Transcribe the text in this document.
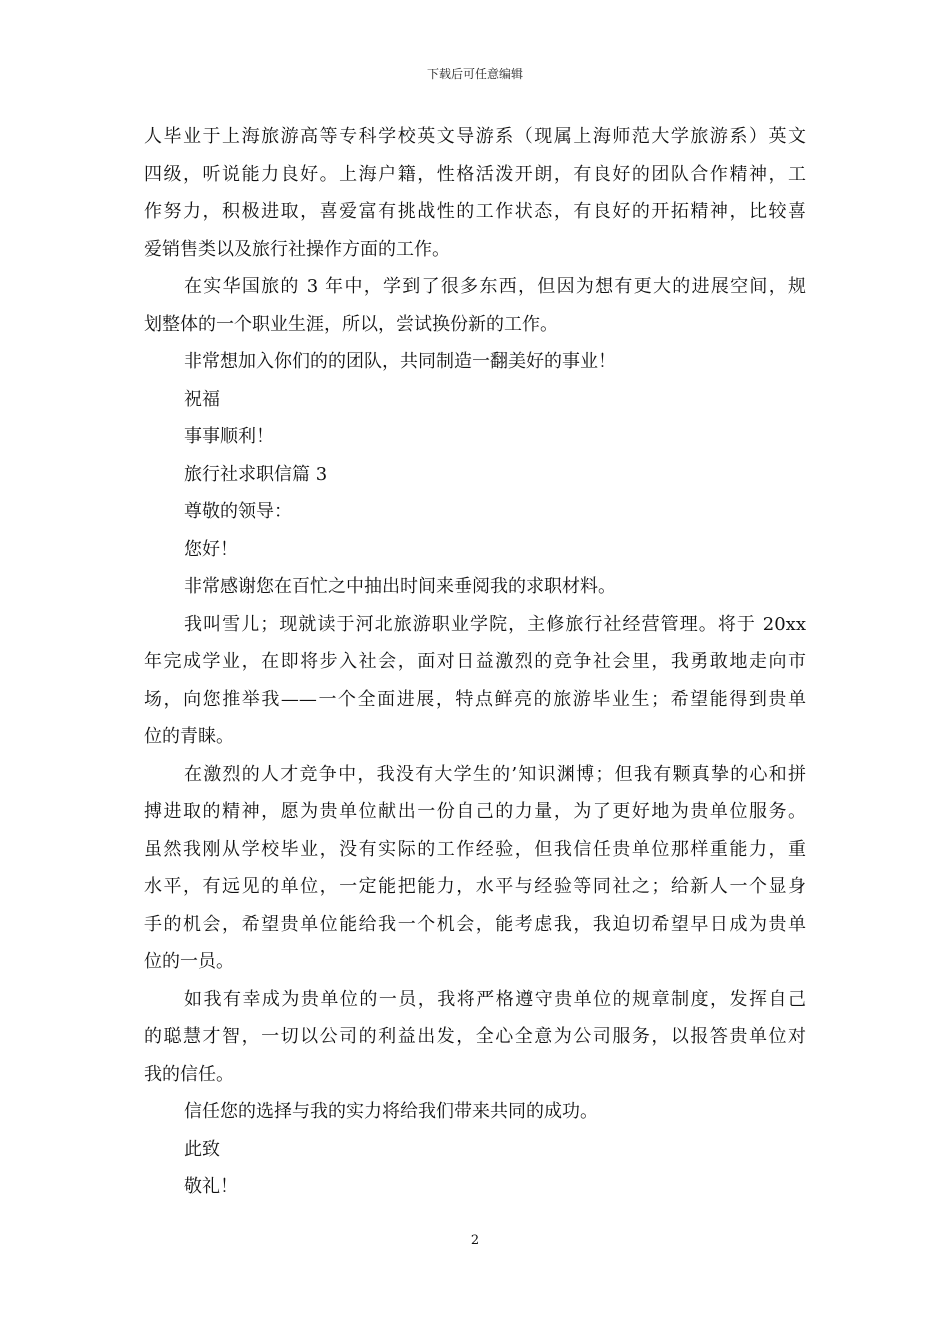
下载后可任意编辑
人毕业于上海旅游高等专科学校英文导游系（现属上海师范大学旅游系）英文
四级，听说能力良好。上海户籍，性格活泼开朗，有良好的团队合作精神，工
作努力，积极进取，喜爱富有挑战性的工作状态，有良好的开拓精神，比较喜
爱销售类以及旅行社操作方面的工作。
在实华国旅的 3 年中，学到了很多东西，但因为想有更大的进展空间，规
划整体的一个职业生涯，所以，尝试换份新的工作。
非常想加入你们的的团队，共同制造一翻美好的事业！
祝福
事事顺利！
旅行社求职信篇 3
尊敬的领导：
您好！
非常感谢您在百忙之中抽出时间来垂阅我的求职材料。
我叫雪儿；现就读于河北旅游职业学院，主修旅行社经营管理。将于 20xx
年完成学业，在即将步入社会，面对日益激烈的竞争社会里，我勇敢地走向市
场，向您推举我——一个全面进展，特点鲜亮的旅游毕业生；希望能得到贵单
位的青睐。
在激烈的人才竞争中，我没有大学生的’知识渊博；但我有颗真挚的心和拼
搏进取的精神，愿为贵单位献出一份自己的力量，为了更好地为贵单位服务。
虽然我刚从学校毕业，没有实际的工作经验，但我信任贵单位那样重能力，重
水平，有远见的单位，一定能把能力，水平与经验等同社之；给新人一个显身
手的机会，希望贵单位能给我一个机会，能考虑我，我迫切希望早日成为贵单
位的一员。
如我有幸成为贵单位的一员，我将严格遵守贵单位的规章制度，发挥自己
的聪慧才智，一切以公司的利益出发，全心全意为公司服务，以报答贵单位对
我的信任。
信任您的选择与我的实力将给我们带来共同的成功。
此致
敬礼！
2
